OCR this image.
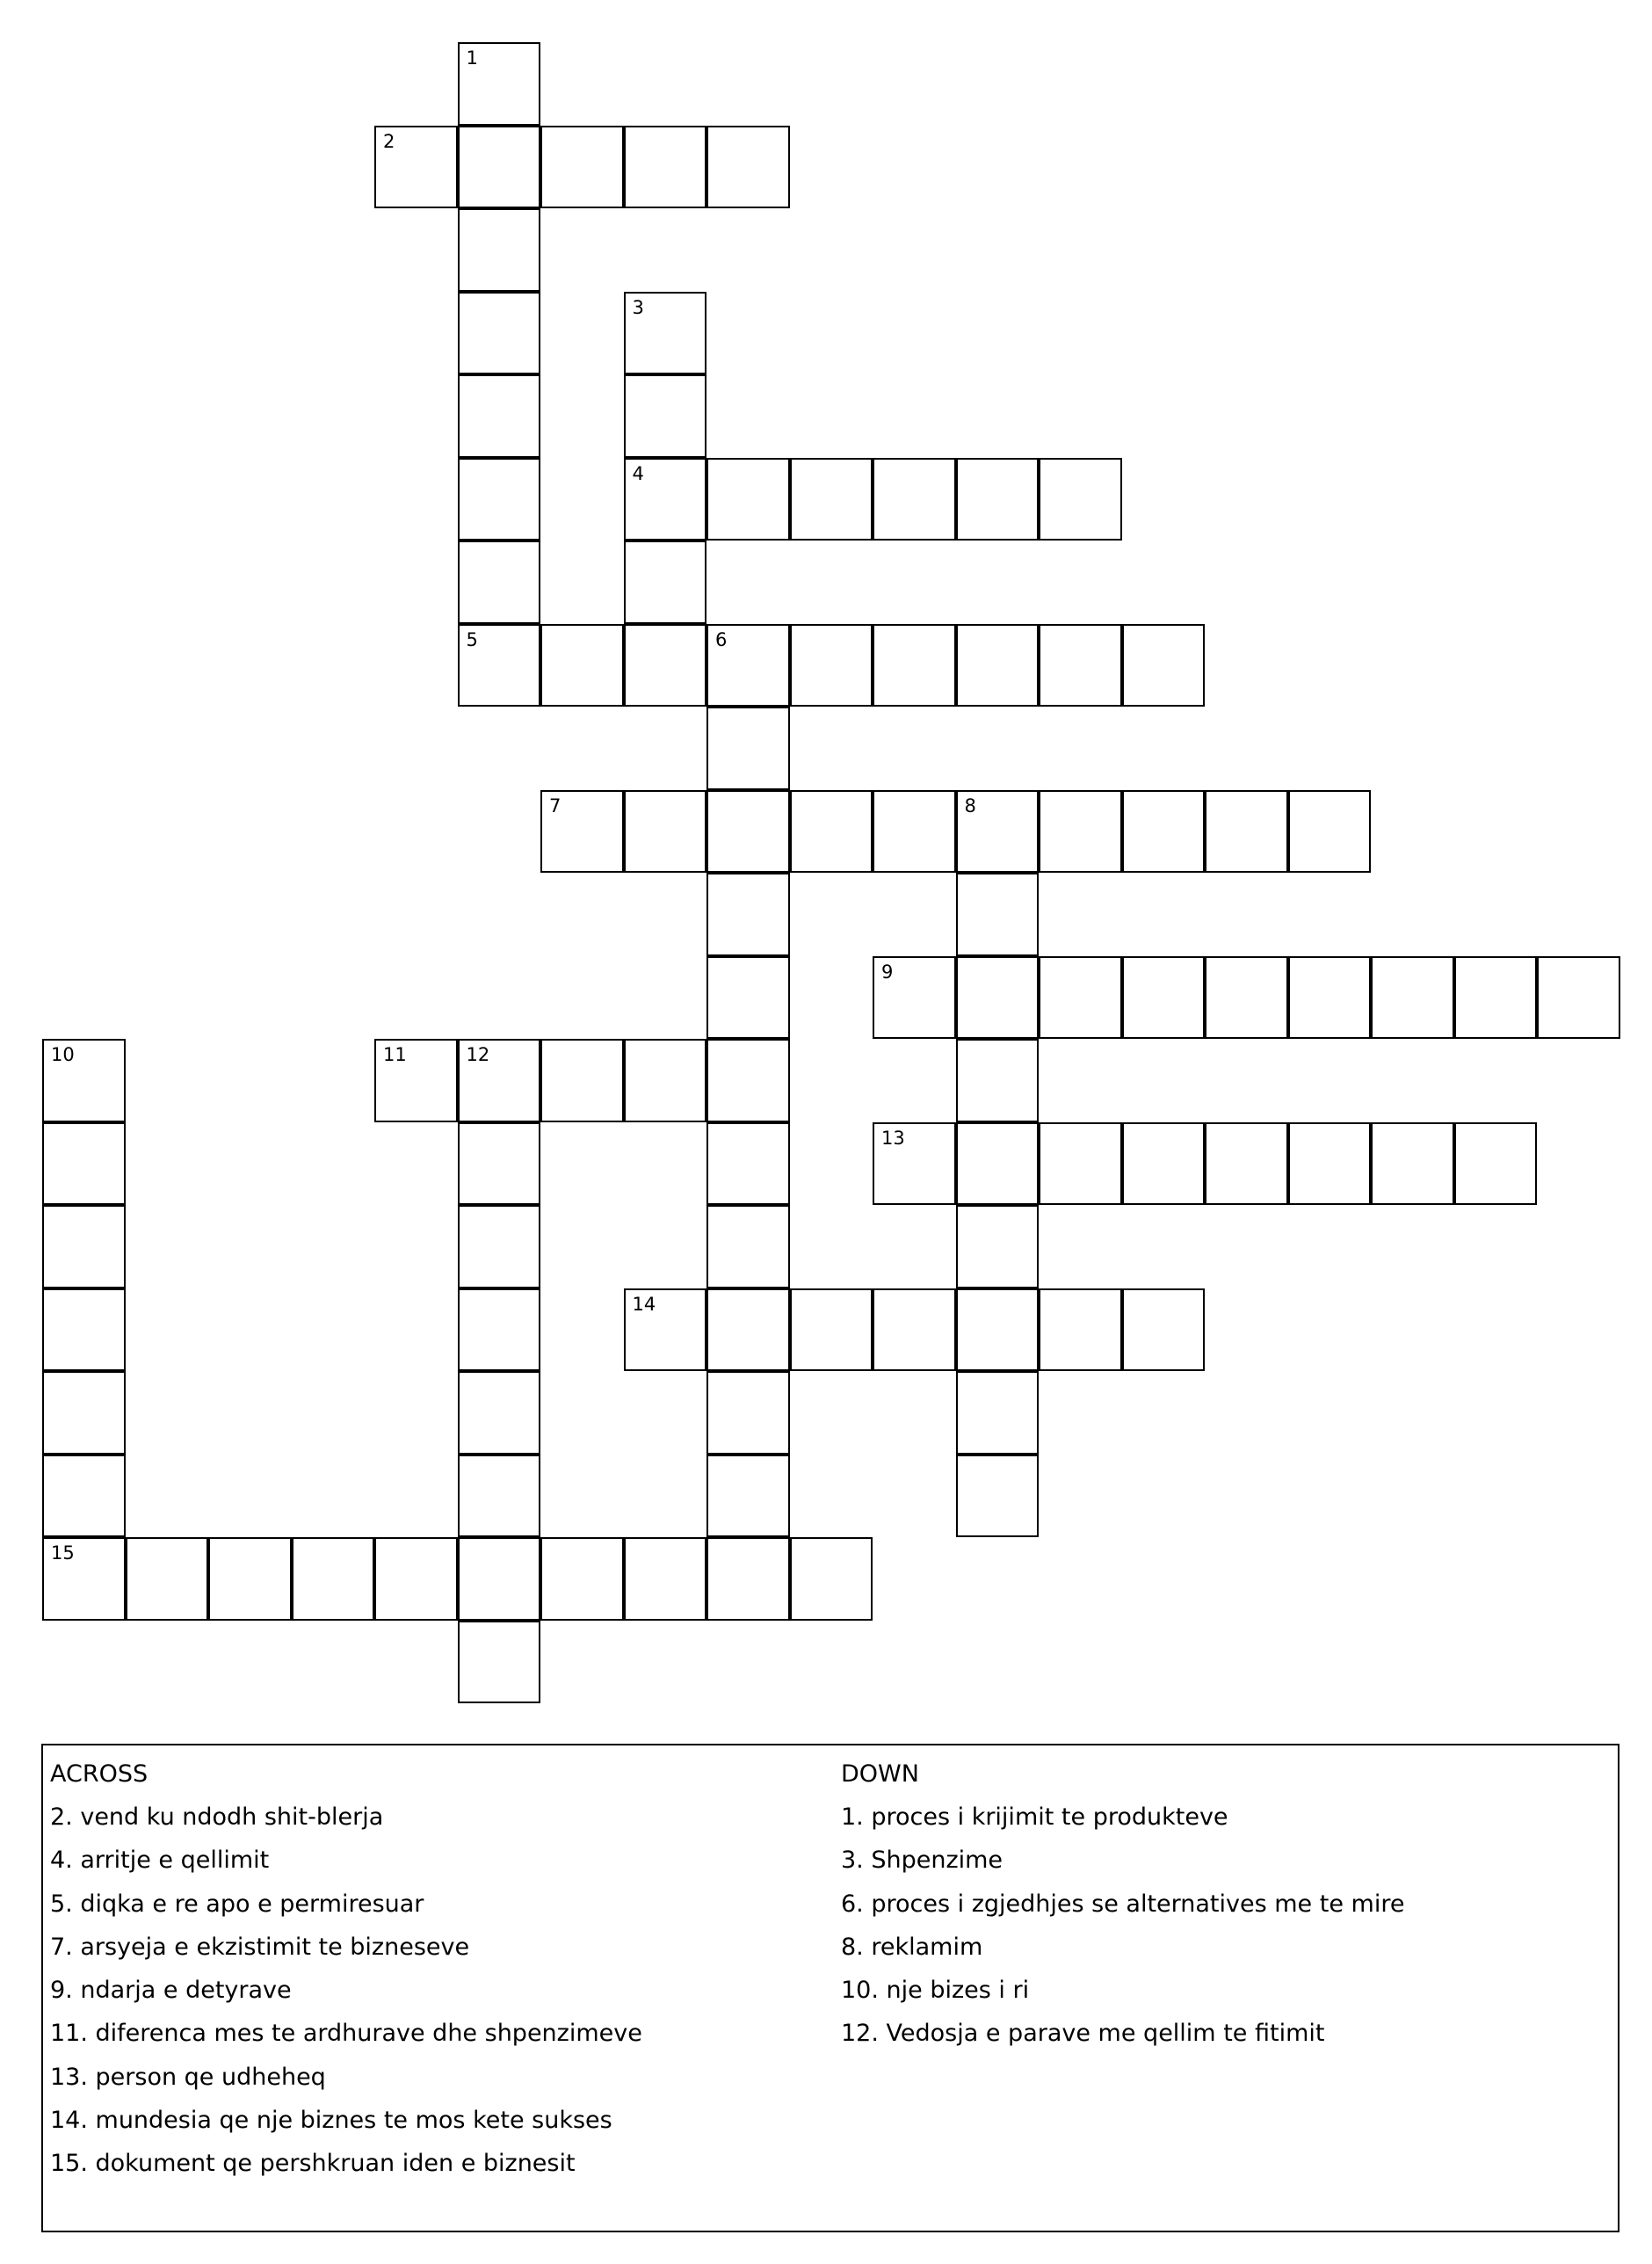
1
2
3
4
5	6
7	8
9
10	11	12
13
14
15
ACROSS
2. vend ku ndodh shit-blerja
4. arritje e qellimit
5. diqka e re apo e permiresuar
7. arsyeja e ekzistimit te bizneseve
9. ndarja e detyrave
11. diferenca mes te ardhurave dhe shpenzimeve
13. person qe udheheq
14. mundesia qe nje biznes te mos kete sukses
15. dokument qe pershkruan iden e biznesit
DOWN
1. proces i krijimit te produkteve
3. Shpenzime
6. proces i zgjedhjes se alternatives me te mire
8. reklamim
10. nje bizes i ri
12. Vedosja e parave me qellim te fitimit
